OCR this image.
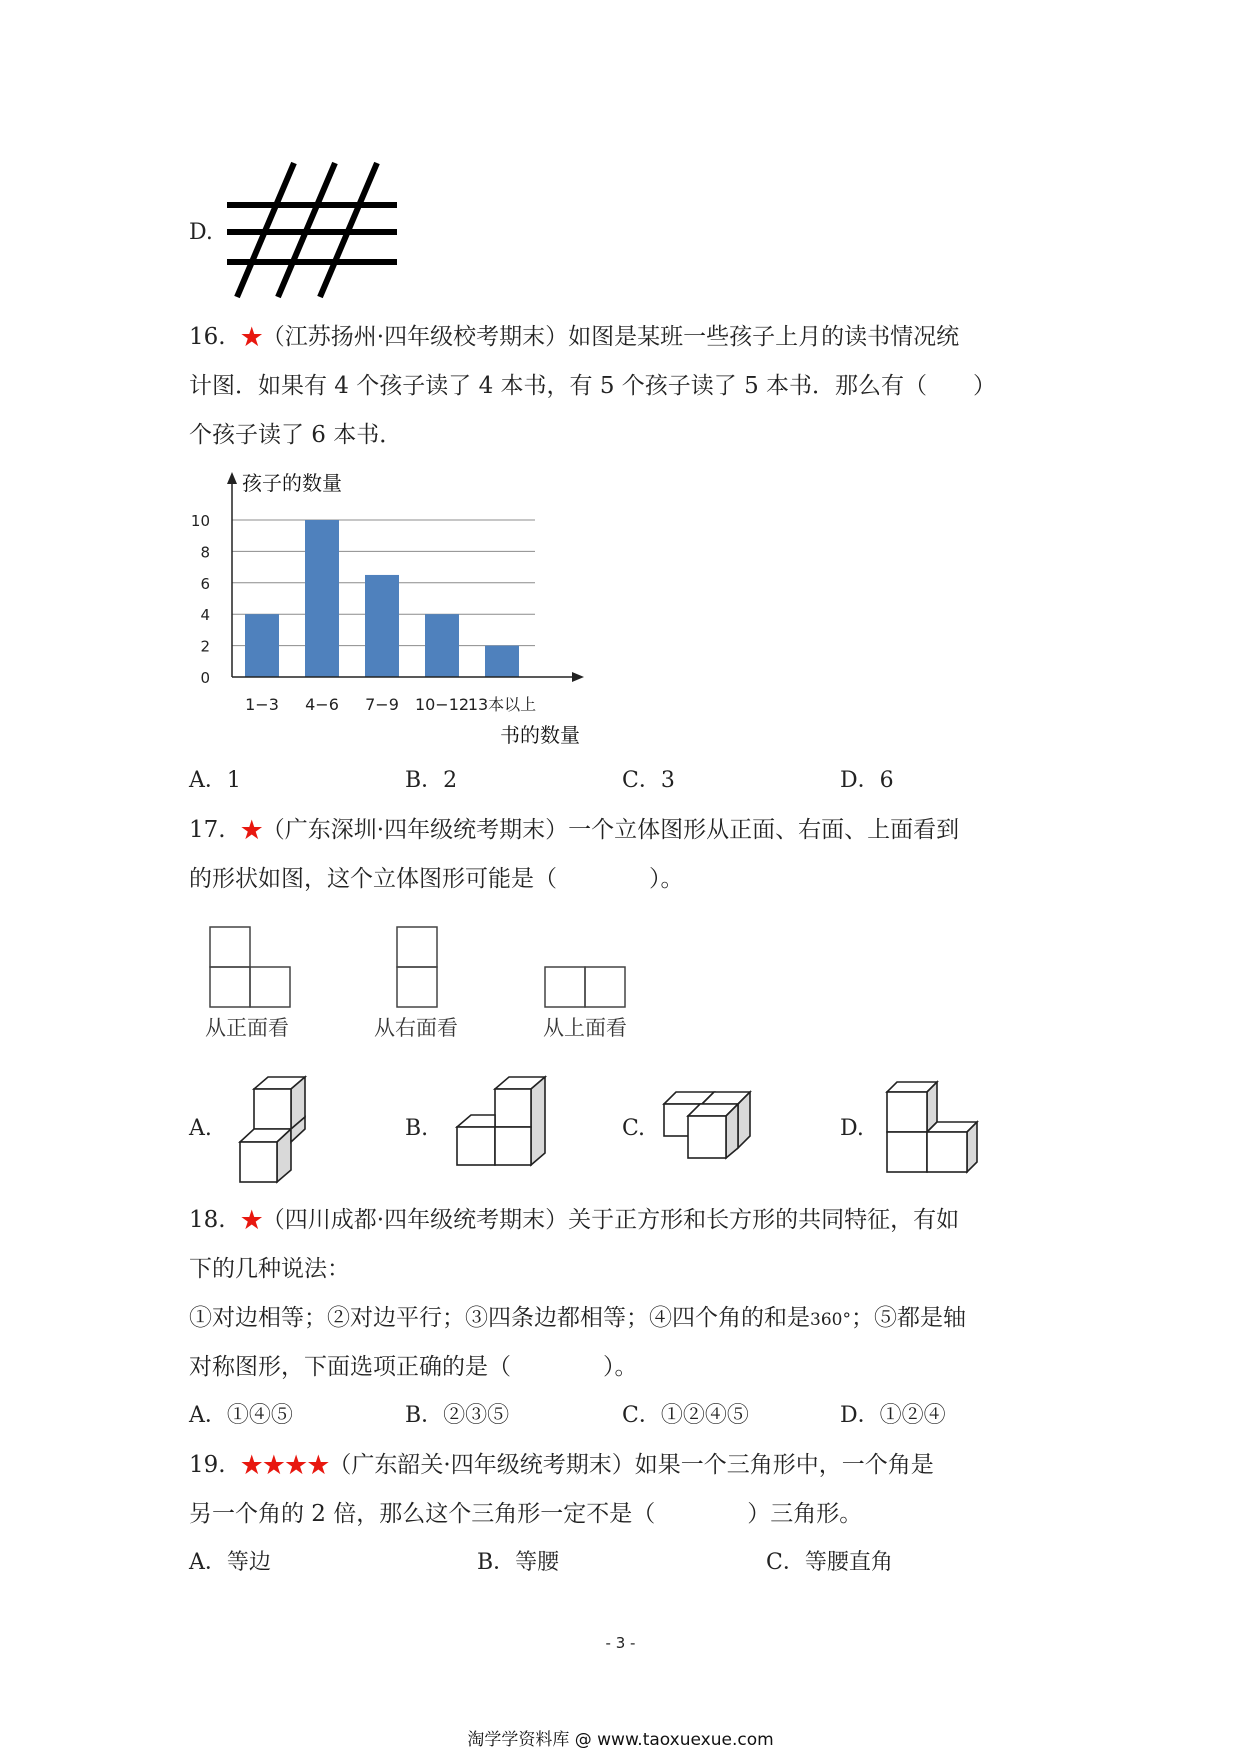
D.
16. ★（江苏扬州·四年级校考期末）如图是某班一些孩子上月的读书情况统
计图．如果有 4 个孩子读了 4 本书，有 5 个孩子读了 5 本书．那么有（　　）
个孩子读了 6 本书．
0
2
4
6
8
10
1−3 4−6 7−9 10−12
13本以上
孩子的数量
书的数量
A．1	B．2	C．3	D．6
17. ★（广东深圳·四年级统考期末）一个立体图形从正面、右面、上面看到
的形状如图，这个立体图形可能是（　　　　）。
从正面看	从右面看	从上面看
A.	B.	C.	D.
18. ★（四川成都·四年级统考期末）关于正方形和长方形的共同特征，有如
下的几种说法：
①对边相等；②对边平行；③四条边都相等；④四个角的和是360°；⑤都是轴
对称图形，下面选项正确的是（　　　　）。
A．①④⑤	B．②③⑤	C．①②④⑤	D．①②④
19. ★★★★（广东韶关·四年级统考期末）如果一个三角形中，一个角是
另一个角的 2 倍，那么这个三角形一定不是（　　　　）三角形。
A．等边	B．等腰	C．等腰直角
- 3 -
淘学学资料库 @ www.taoxuexue.com
